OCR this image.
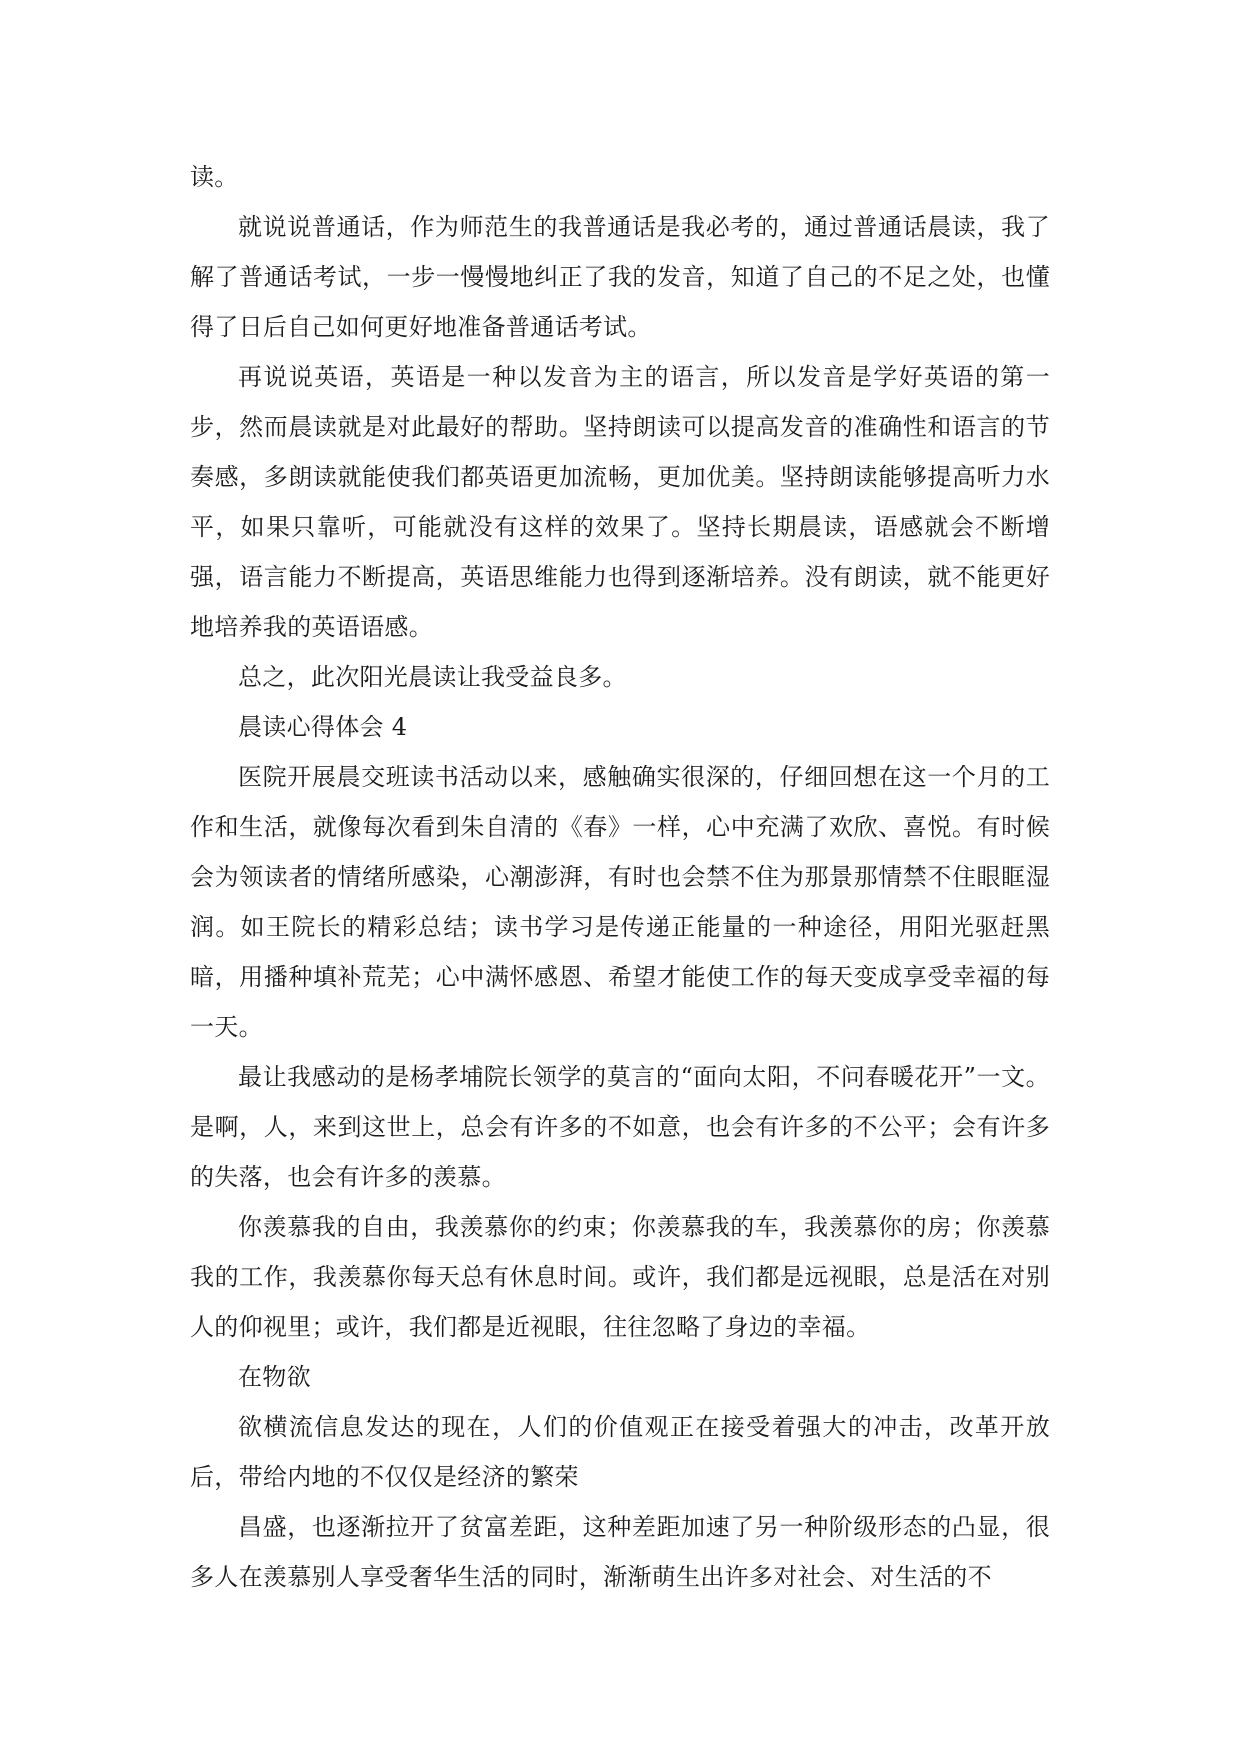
读。

就说说普通话，作为师范生的我普通话是我必考的，通过普通话晨读，我了解了普通话考试，一步一慢慢地纠正了我的发音，知道了自己的不足之处，也懂得了日后自己如何更好地准备普通话考试。

再说说英语，英语是一种以发音为主的语言，所以发音是学好英语的第一步，然而晨读就是对此最好的帮助。坚持朗读可以提高发音的准确性和语言的节奏感，多朗读就能使我们都英语更加流畅，更加优美。坚持朗读能够提高听力水平，如果只靠听，可能就没有这样的效果了。坚持长期晨读，语感就会不断增强，语言能力不断提高，英语思维能力也得到逐渐培养。没有朗读，就不能更好地培养我的英语语感。

总之，此次阳光晨读让我受益良多。

晨读心得体会 4

医院开展晨交班读书活动以来，感触确实很深的，仔细回想在这一个月的工作和生活，就像每次看到朱自清的《春》一样，心中充满了欢欣、喜悦。有时候会为领读者的情绪所感染，心潮澎湃，有时也会禁不住为那景那情禁不住眼眶湿润。如王院长的精彩总结；读书学习是传递正能量的一种途径，用阳光驱赶黑暗，用播种填补荒芜；心中满怀感恩、希望才能使工作的每天变成享受幸福的每一天。

最让我感动的是杨孝埔院长领学的莫言的“面向太阳，不问春暖花开”一文。是啊，人，来到这世上，总会有许多的不如意，也会有许多的不公平；会有许多的失落，也会有许多的羡慕。

你羡慕我的自由，我羡慕你的约束；你羡慕我的车，我羡慕你的房；你羡慕我的工作，我羡慕你每天总有休息时间。或许，我们都是远视眼，总是活在对别人的仰视里；或许，我们都是近视眼，往往忽略了身边的幸福。

在物欲

欲横流信息发达的现在，人们的价值观正在接受着强大的冲击，改革开放后，带给内地的不仅仅是经济的繁荣

昌盛，也逐渐拉开了贫富差距，这种差距加速了另一种阶级形态的凸显，很多人在羡慕别人享受奢华生活的同时，渐渐萌生出许多对社会、对生活的不
